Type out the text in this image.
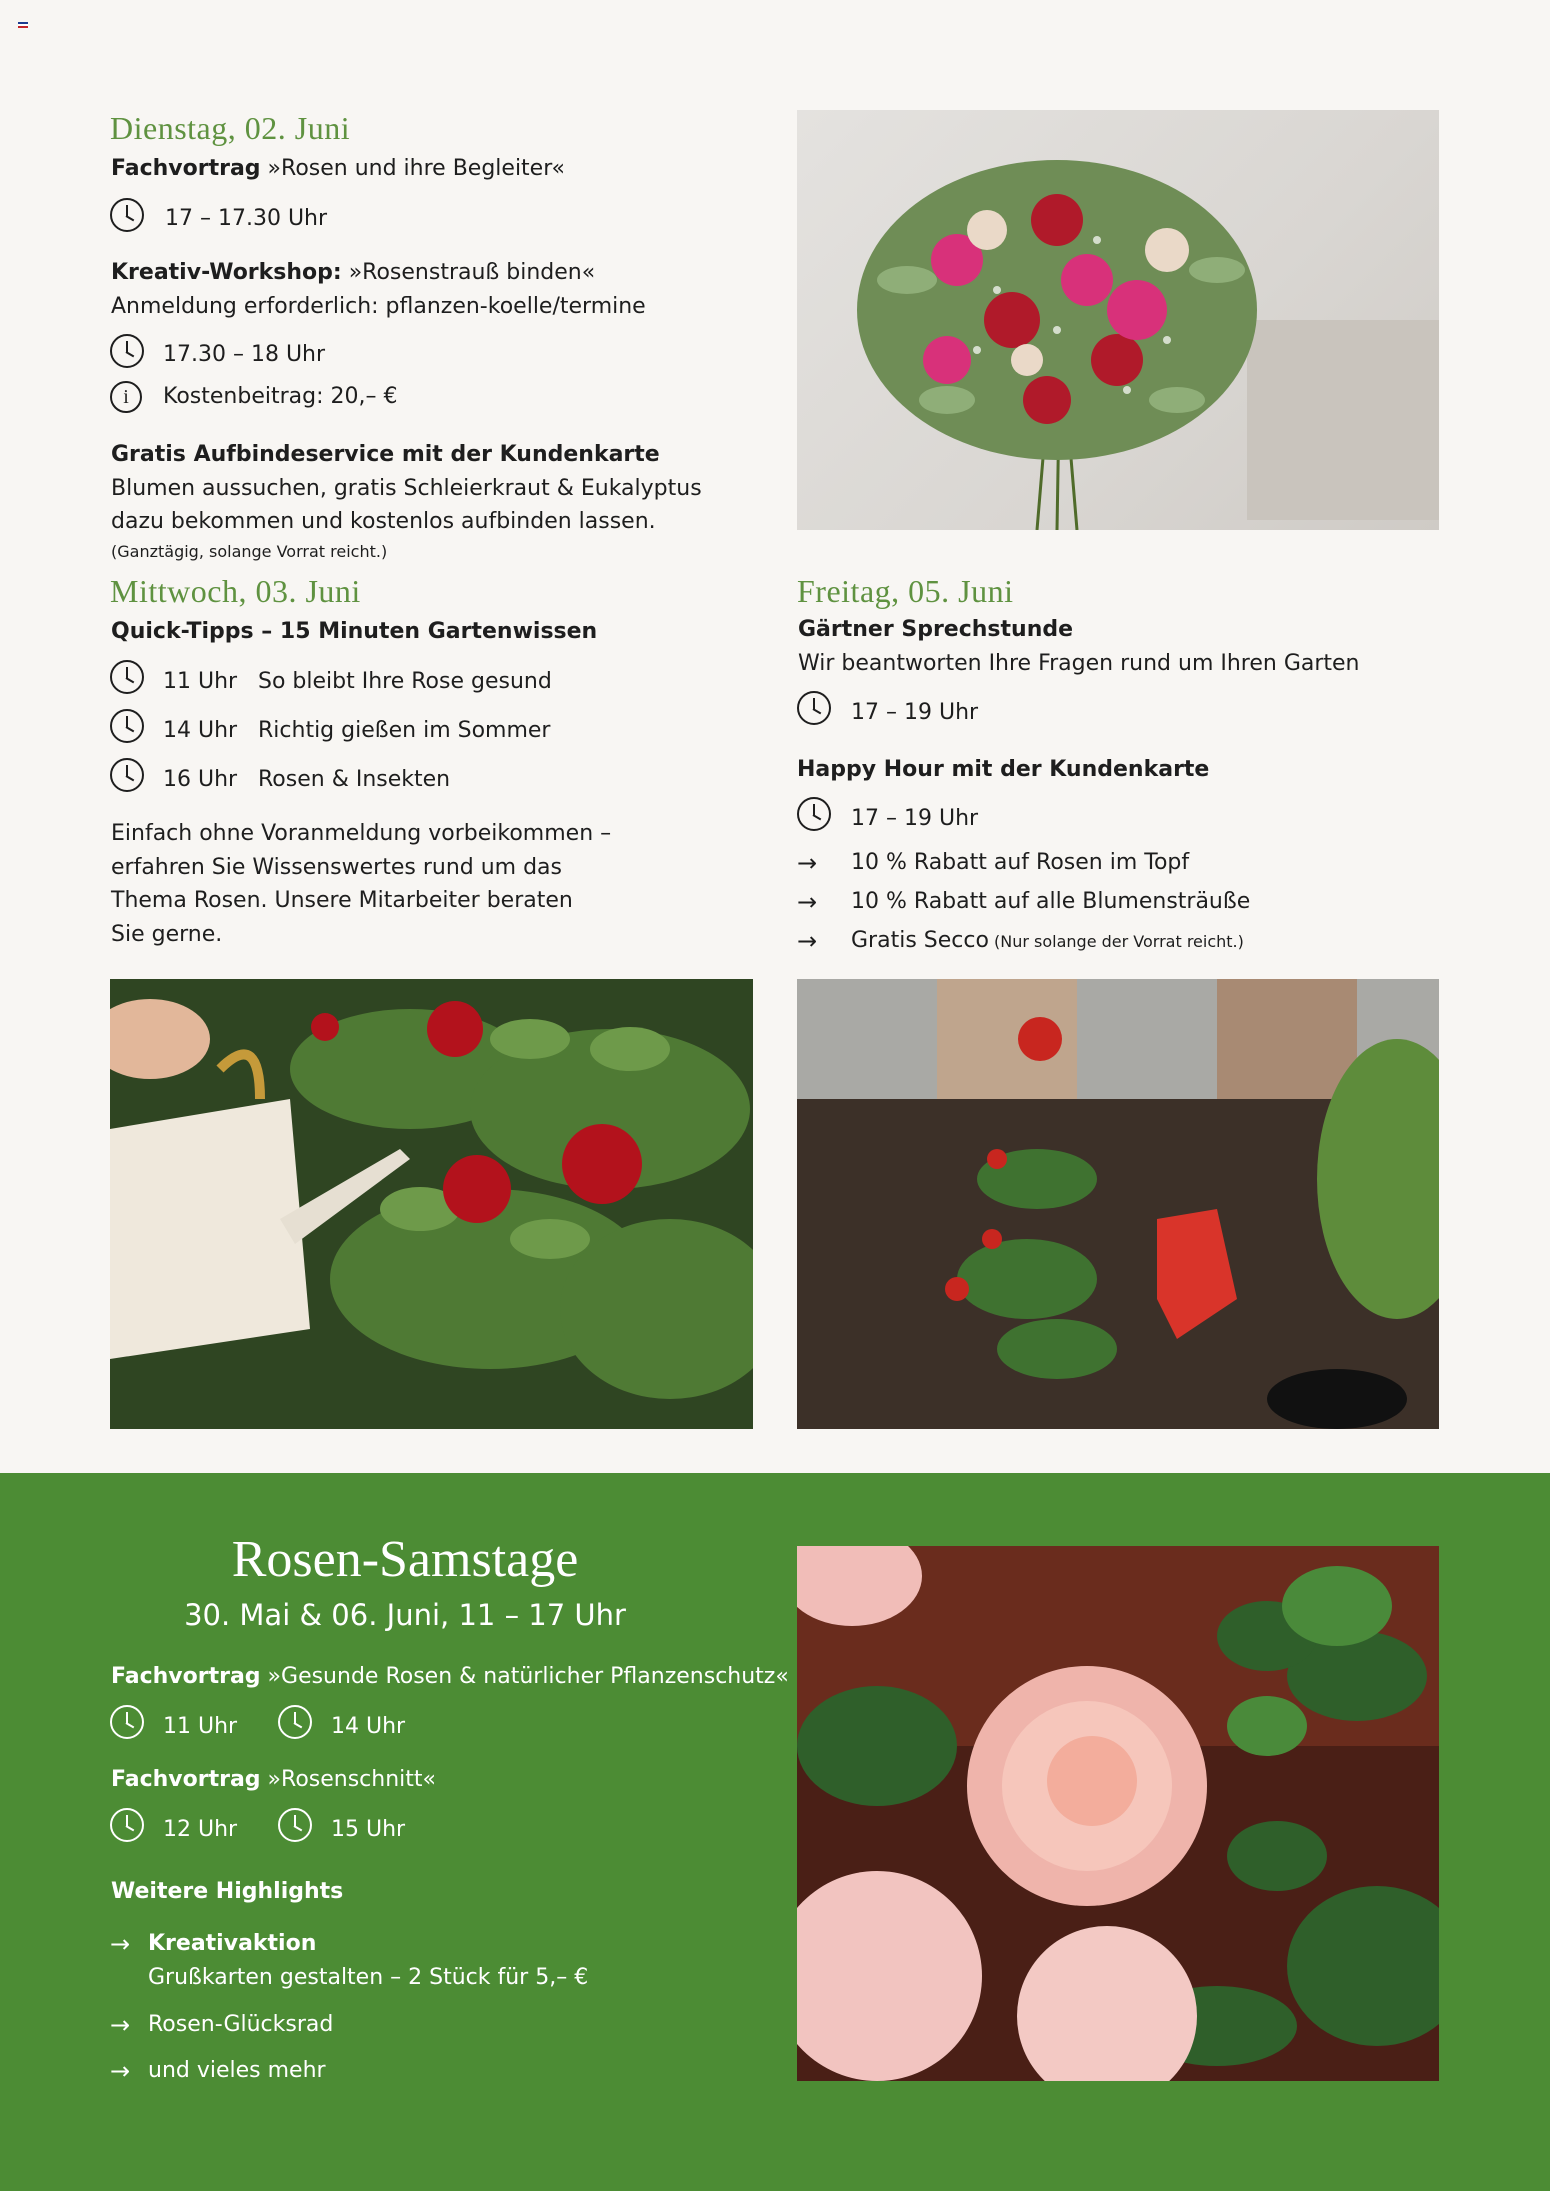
Dienstag, 02. Juni
Fachvortrag »Rosen und ihre Begleiter«
17 – 17.30 Uhr
Kreativ-Workshop: »Rosenstrauß binden«
Anmeldung erforderlich: pflanzen-koelle/termine
17.30 – 18 Uhr
i	Kostenbeitrag: 20,– €
Gratis Aufbindeservice mit der Kundenkarte
Blumen aussuchen, gratis Schleierkraut & Eukalyptus
dazu bekommen und kostenlos aufbinden lassen.
(Ganztägig, solange Vorrat reicht.)
Mittwoch, 03. Juni
Quick-Tipps – 15 Minuten Gartenwissen
11 Uhr So bleibt Ihre Rose gesund
14 Uhr Richtig gießen im Sommer
16 Uhr Rosen & Insekten
Einfach ohne Voranmeldung vorbeikommen –
erfahren Sie Wissenswertes rund um das
Thema Rosen. Unsere Mitarbeiter beraten
Sie gerne.
Freitag, 05. Juni
Gärtner Sprechstunde
Wir beantworten Ihre Fragen rund um Ihren Garten
17 – 19 Uhr
Happy Hour mit der Kundenkarte
17 – 19 Uhr
→ 10 % Rabatt auf Rosen im Topf
→ 10 % Rabatt auf alle Blumensträuße
→ Gratis Secco (Nur solange der Vorrat reicht.)
Rosen-Samstage
30. Mai & 06. Juni, 11 – 17 Uhr
Fachvortrag »Gesunde Rosen & natürlicher Pflanzenschutz«
11 Uhr	14 Uhr
Fachvortrag »Rosenschnitt«
12 Uhr	15 Uhr
Weitere Highlights
→ Kreativaktion
Grußkarten gestalten – 2 Stück für 5,– €
→ Rosen-Glücksrad
→ und vieles mehr
